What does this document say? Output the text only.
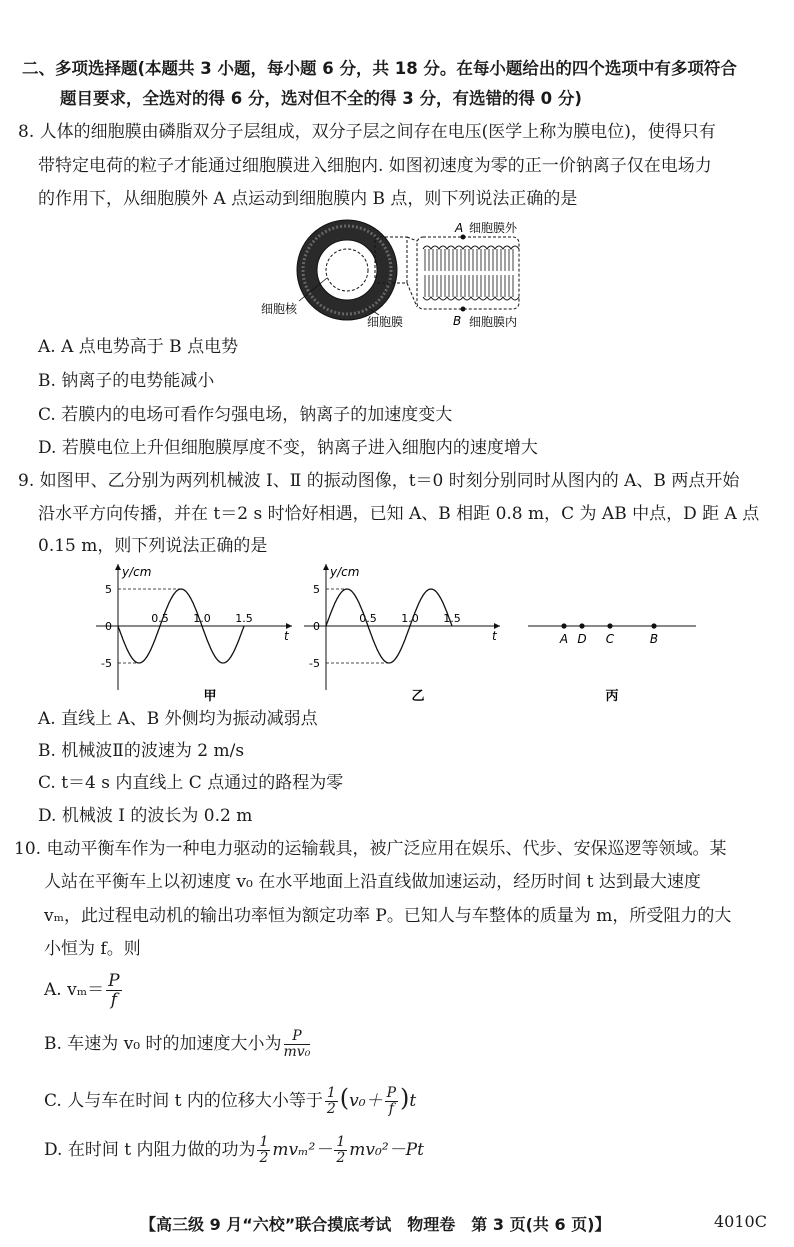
二、多项选择题(本题共 3 小题，每小题 6 分，共 18 分。在每小题给出的四个选项中有多项符合
题目要求，全选对的得 6 分，选对但不全的得 3 分，有选错的得 0 分)
8. 人体的细胞膜由磷脂双分子层组成，双分子层之间存在电压(医学上称为膜电位)，使得只有
带特定电荷的粒子才能通过细胞膜进入细胞内. 如图初速度为零的正一价钠离子仅在电场力
的作用下，从细胞膜外 A 点运动到细胞膜内 B 点，则下列说法正确的是
A 细胞膜外
B 细胞膜内
细胞核
细胞膜
A. A 点电势高于 B 点电势
B. 钠离子的电势能减小
C. 若膜内的电场可看作匀强电场，钠离子的加速度变大
D. 若膜电位上升但细胞膜厚度不变，钠离子进入细胞内的速度增大
9. 如图甲、乙分别为两列机械波 Ⅰ、Ⅱ 的振动图像，t＝0 时刻分别同时从图内的 A、B 两点开始
沿水平方向传播，并在 t＝2 s 时恰好相遇，已知 A、B 相距 0.8 m，C 为 AB 中点，D 距 A 点
0.15 m，则下列说法正确的是
y/cm
t
5
0
-5
0.5 1.0 1.5
甲
y/cm
t
5
0
-5
0.5 1.0 1.5
乙
A D C	B
丙
A. 直线上 A、B 外侧均为振动减弱点
B. 机械波Ⅱ的波速为 2 m/s
C. t＝4 s 内直线上 C 点通过的路程为零
D. 机械波 I 的波长为 0.2 m
10. 电动平衡车作为一种电力驱动的运输载具，被广泛应用在娱乐、代步、安保巡逻等领域。某
人站在平衡车上以初速度 v₀ 在水平地面上沿直线做加速运动，经历时间 t 达到最大速度
vₘ，此过程电动机的输出功率恒为额定功率 P。已知人与车整体的质量为 m，所受阻力的大
小恒为 f。则
A. $v_m= \frac{P}{f}$
B. 车速为 v₀ 时的加速度大小为 $\frac{P}{\text{mv₀}}$
C. 人与车在时间 t 内的位移大小等于 $\frac{1}{2} (v_0+ \frac{P}{f} )t$
D. 在时间 t 内阻力做的功为 $\frac{1}{2} mv_m^2- \frac{1}{2} mv_0^2-Pt$
【高三级 9 月“六校”联合摸底考试　物理卷　第 3 页(共 6 页)】	4010C
